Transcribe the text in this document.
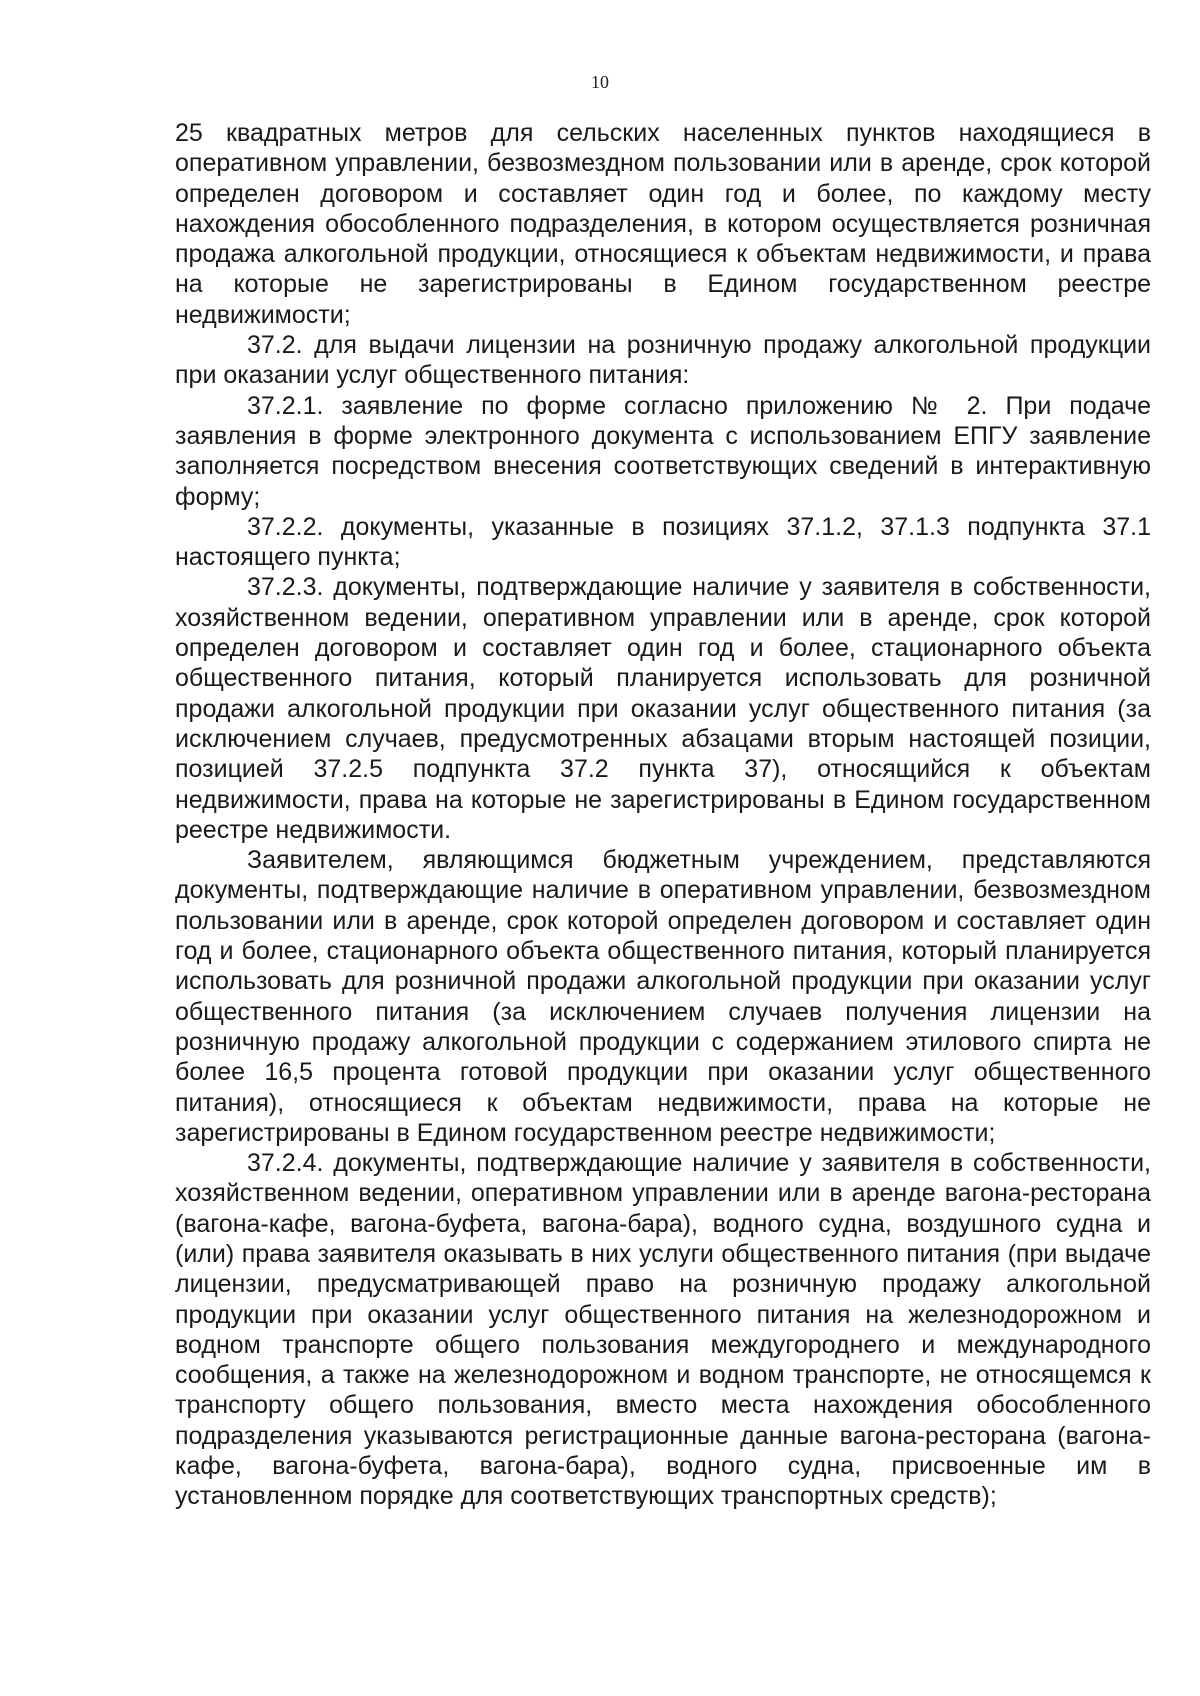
10

25 квадратных метров для сельских населенных пунктов находящиеся в оперативном управлении, безвозмездном пользовании или в аренде, срок которой определен договором и составляет один год и более, по каждому месту нахождения обособленного подразделения, в котором осуществляется розничная продажа алкогольной продукции, относящиеся к объектам недвижимости, и права на которые не зарегистрированы в Едином государственном реестре недвижимости;

37.2. для выдачи лицензии на розничную продажу алкогольной продукции при оказании услуг общественного питания:

37.2.1. заявление по форме согласно приложению № 2. При подаче заявления в форме электронного документа с использованием ЕПГУ заявление заполняется посредством внесения соответствующих сведений в интерактивную форму;

37.2.2. документы, указанные в позициях 37.1.2, 37.1.3 подпункта 37.1 настоящего пункта;

37.2.3. документы, подтверждающие наличие у заявителя в собственности, хозяйственном ведении, оперативном управлении или в аренде, срок которой определен договором и составляет один год и более, стационарного объекта общественного питания, который планируется использовать для розничной продажи алкогольной продукции при оказании услуг общественного питания (за исключением случаев, предусмотренных абзацами вторым настоящей позиции, позицией 37.2.5 подпункта 37.2 пункта 37), относящийся к объектам недвижимости, права на которые не зарегистрированы в Едином государственном реестре недвижимости.

Заявителем, являющимся бюджетным учреждением, представляются документы, подтверждающие наличие в оперативном управлении, безвозмездном пользовании или в аренде, срок которой определен договором и составляет один год и более, стационарного объекта общественного питания, который планируется использовать для розничной продажи алкогольной продукции при оказании услуг общественного питания (за исключением случаев получения лицензии на розничную продажу алкогольной продукции с содержанием этилового спирта не более 16,5 процента готовой продукции при оказании услуг общественного питания), относящиеся к объектам недвижимости, права на которые не зарегистрированы в Едином государственном реестре недвижимости;

37.2.4. документы, подтверждающие наличие у заявителя в собственности, хозяйственном ведении, оперативном управлении или в аренде вагона-ресторана (вагона-кафе, вагона-буфета, вагона-бара), водного судна, воздушного судна и (или) права заявителя оказывать в них услуги общественного питания (при выдаче лицензии, предусматривающей право на розничную продажу алкогольной продукции при оказании услуг общественного питания на железнодорожном и водном транспорте общего пользования междугороднего и международного сообщения, а также на железнодорожном и водном транспорте, не относящемся к транспорту общего пользования, вместо места нахождения обособленного подразделения указываются регистрационные данные вагона-ресторана (вагона-кафе, вагона-буфета, вагона-бара), водного судна, присвоенные им в установленном порядке для соответствующих транспортных средств);
